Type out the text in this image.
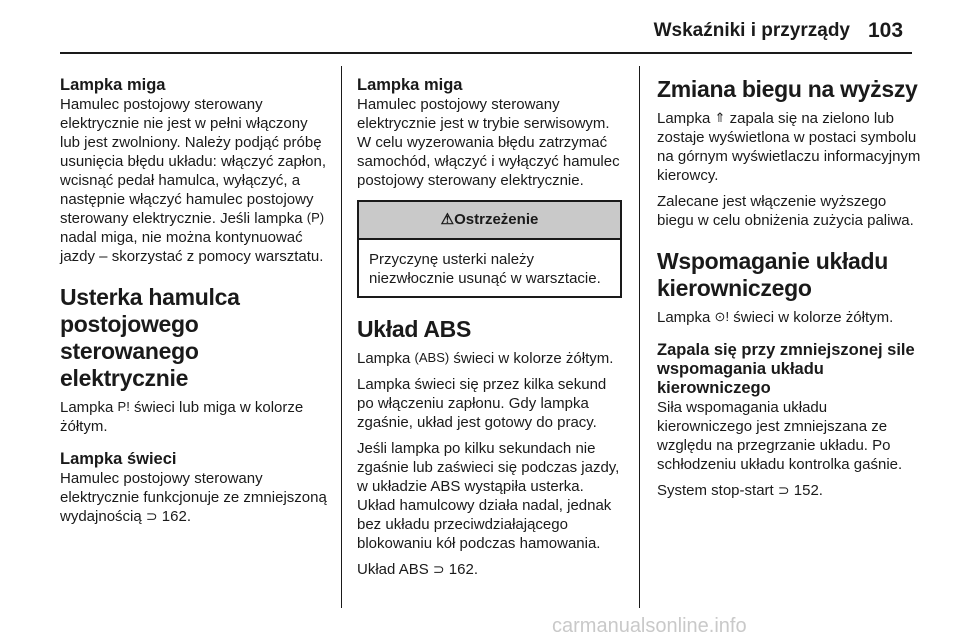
Wskaźniki i przyrządy 103

Lampka miga

Hamulec postojowy sterowany elektrycznie nie jest w pełni włączony lub jest zwolniony. Należy podjąć próbę usunięcia błędu układu: włączyć zapłon, wcisnąć pedał hamulca, wyłączyć, a następnie włączyć hamulec postojowy sterowany elektrycznie. Jeśli lampka (P) nadal miga, nie można kontynuować jazdy – skorzystać z pomocy warsztatu.

Usterka hamulca postojowego sterowanego elektrycznie

Lampka P! świeci lub miga w kolorze żółtym.

Lampka świeci

Hamulec postojowy sterowany elektrycznie funkcjonuje ze zmniejszoną wydajnością ⊃ 162.

Lampka miga

Hamulec postojowy sterowany elektrycznie jest w trybie serwisowym. W celu wyzerowania błędu zatrzymać samochód, włączyć i wyłączyć hamulec postojowy sterowany elektrycznie.

⚠Ostrzeżenie
Przyczynę usterki należy niezwłocznie usunąć w warsztacie.

Układ ABS

Lampka (ABS) świeci w kolorze żółtym.

Lampka świeci się przez kilka sekund po włączeniu zapłonu. Gdy lampka zgaśnie, układ jest gotowy do pracy.

Jeśli lampka po kilku sekundach nie zgaśnie lub zaświeci się podczas jazdy, w układzie ABS wystąpiła usterka. Układ hamulcowy działa nadal, jednak bez układu przeciwdziałającego blokowaniu kół podczas hamowania.

Układ ABS ⊃ 162.

Zmiana biegu na wyższy

Lampka ⇑ zapala się na zielono lub zostaje wyświetlona w postaci symbolu na górnym wyświetlaczu informacyjnym kierowcy.

Zalecane jest włączenie wyższego biegu w celu obniżenia zużycia paliwa.

Wspomaganie układu kierowniczego

Lampka ⊙! świeci w kolorze żółtym.

Zapala się przy zmniejszonej sile wspomagania układu kierowniczego

Siła wspomagania układu kierowniczego jest zmniejszana ze względu na przegrzanie układu. Po schłodzeniu układu kontrolka gaśnie.

System stop-start ⊃ 152.

carmanualsonline.info
